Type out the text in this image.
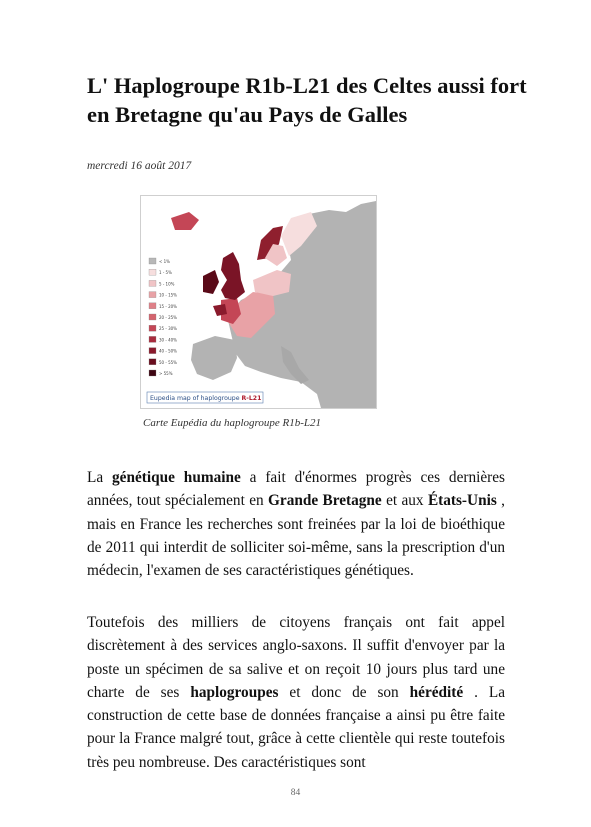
L' Haplogroupe R1b-L21 des Celtes aussi fort en Bretagne qu'au Pays de Galles
mercredi 16 août 2017
< 1%
1 - 5%
5 - 10%
10 - 15%
15 - 20%
20 - 25%
25 - 30%
30 - 40%
40 - 50%
50 - 55%
> 55%
Eupedia map of haplogroupe R-L21
Carte Eupédia du haplogroupe R1b-L21

La génétique humaine a fait d'énormes progrès ces dernières années, tout spécialement en Grande Bretagne et aux États-Unis , mais en France les recherches sont freinées par la loi de bioéthique de 2011 qui interdit de solliciter soi-même, sans la prescription d'un médecin, l'examen de ses caractéristiques génétiques.

Toutefois des milliers de citoyens français ont fait appel discrètement à des services anglo-saxons. Il suffit d'envoyer par la poste un spécimen de sa salive et on reçoit 10 jours plus tard une charte de ses haplogroupes et donc de son hérédité . La construction de cette base de données française a ainsi pu être faite pour la France malgré tout, grâce à cette clientèle qui reste toutefois très peu nombreuse. Des caractéristiques sont

84
